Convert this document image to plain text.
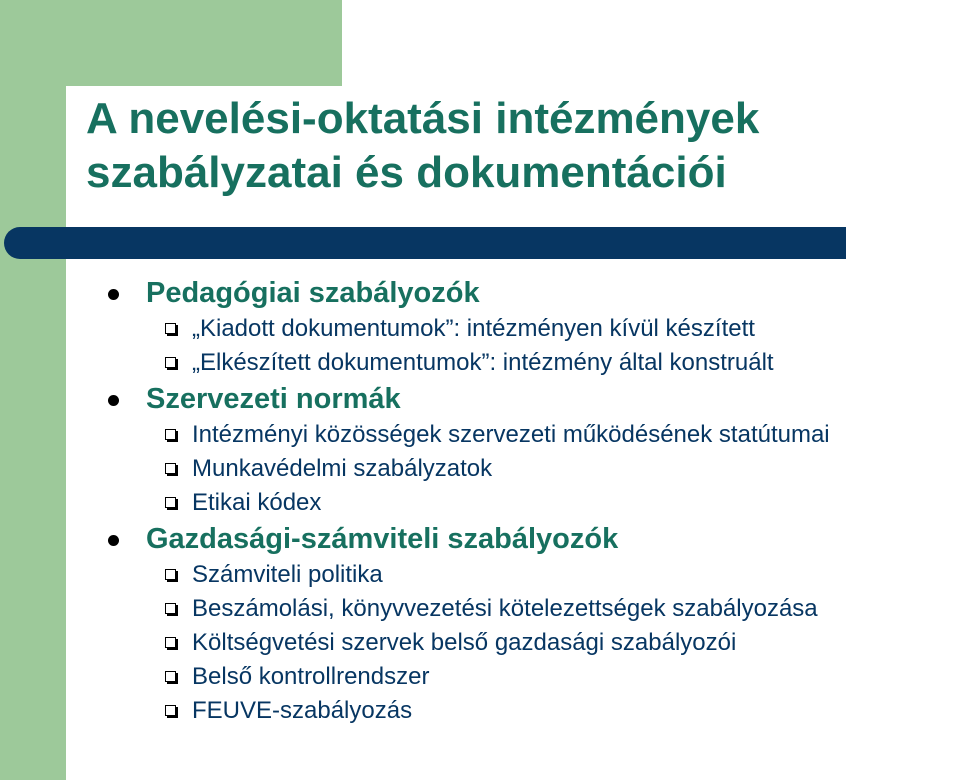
A nevelési-oktatási intézmények
szabályzatai és dokumentációi
Pedagógiai szabályozók
„Kiadott dokumentumok”: intézményen kívül készített
„Elkészített dokumentumok”: intézmény által konstruált
Szervezeti normák
Intézményi közösségek szervezeti működésének statútumai
Munkavédelmi szabályzatok
Etikai kódex
Gazdasági-számviteli szabályozók
Számviteli politika
Beszámolási, könyvvezetési kötelezettségek szabályozása
Költségvetési szervek belső gazdasági szabályozói
Belső kontrollrendszer
FEUVE-szabályozás
